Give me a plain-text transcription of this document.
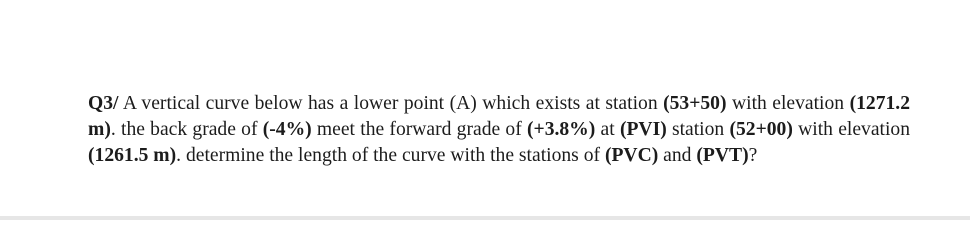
Q3/ A vertical curve below has a lower point (A) which exists at station (53+50) with elevation (1271.2 m). the back grade of (-4%) meet the forward grade of (+3.8%) at (PVI) station (52+00) with elevation (1261.5 m). determine the length of the curve with the stations of (PVC) and (PVT)?
